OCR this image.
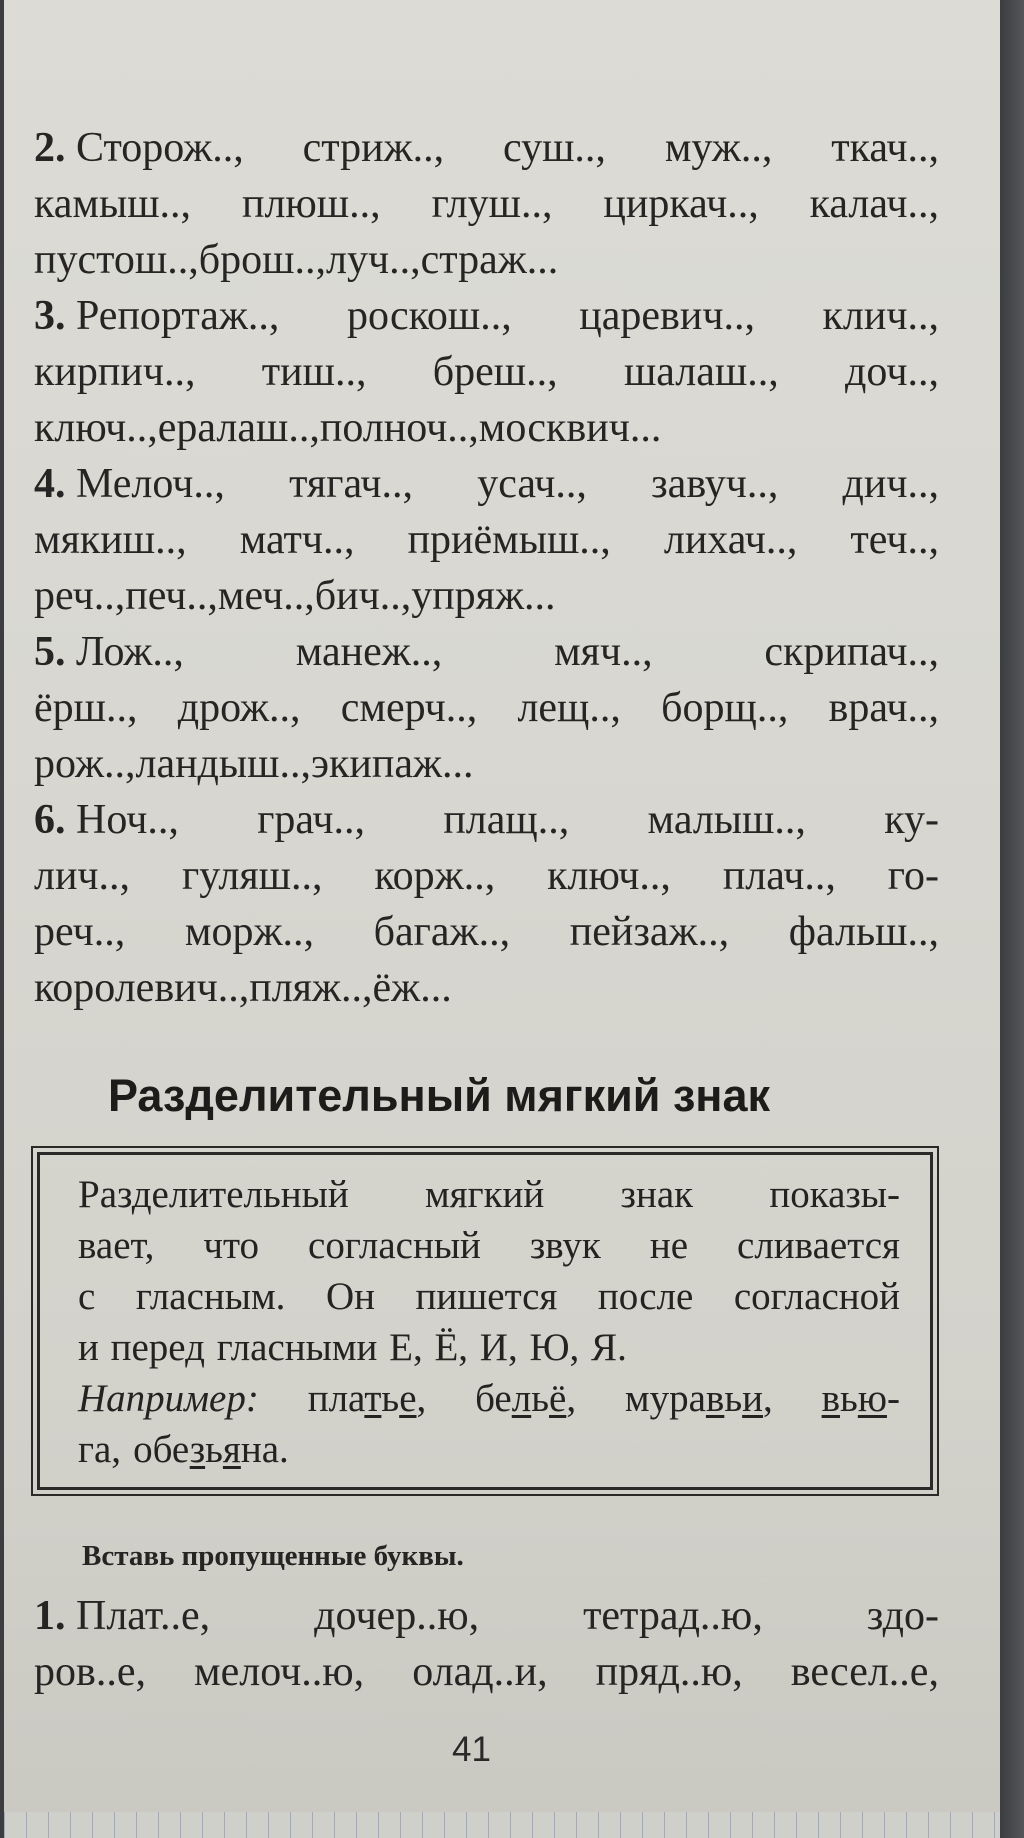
2. Сторож.., стриж.., суш.., муж.., ткач..,
камыш.., плюш.., глуш.., циркач.., калач..,
пустош.., брош.., луч.., страж.. .
3. Репортаж.., роскош.., царевич.., клич..,
кирпич.., тиш.., бреш.., шалаш.., доч..,
ключ.., ералаш.., полноч.., москвич.. .
4. Мелоч.., тягач.., усач.., завуч.., дич..,
мякиш.., матч.., приёмыш.., лихач.., теч..,
реч.., печ.., меч.., бич.., упряж.. .
5. Лож..,	манеж..,	мяч..,	скрипач..,
ёрш.., дрож.., смерч.., лещ.., борщ.., врач..,
рож.., ландыш.., экипаж.. .
6. Ноч.., грач.., плащ.., малыш.., ку-
лич.., гуляш.., корж.., ключ.., плач.., го-
реч.., морж.., багаж.., пейзаж.., фальш..,
королевич.., пляж.., ёж.. .
Разделительный мягкий знак
Разделительный мягкий знак показы-
вает, что согласный звук не сливается
с гласным. Он пишется после согласной
и перед гласными Е, Ё, И, Ю, Я.
Например: платье, бельё, муравьи, вью-
га, обезьяна.
Вставь пропущенные буквы.
1. Плат..е, дочер..ю, тетрад..ю, здо-
ров..е, мелоч..ю, олад..и, пряд..ю, весел..е,
41
